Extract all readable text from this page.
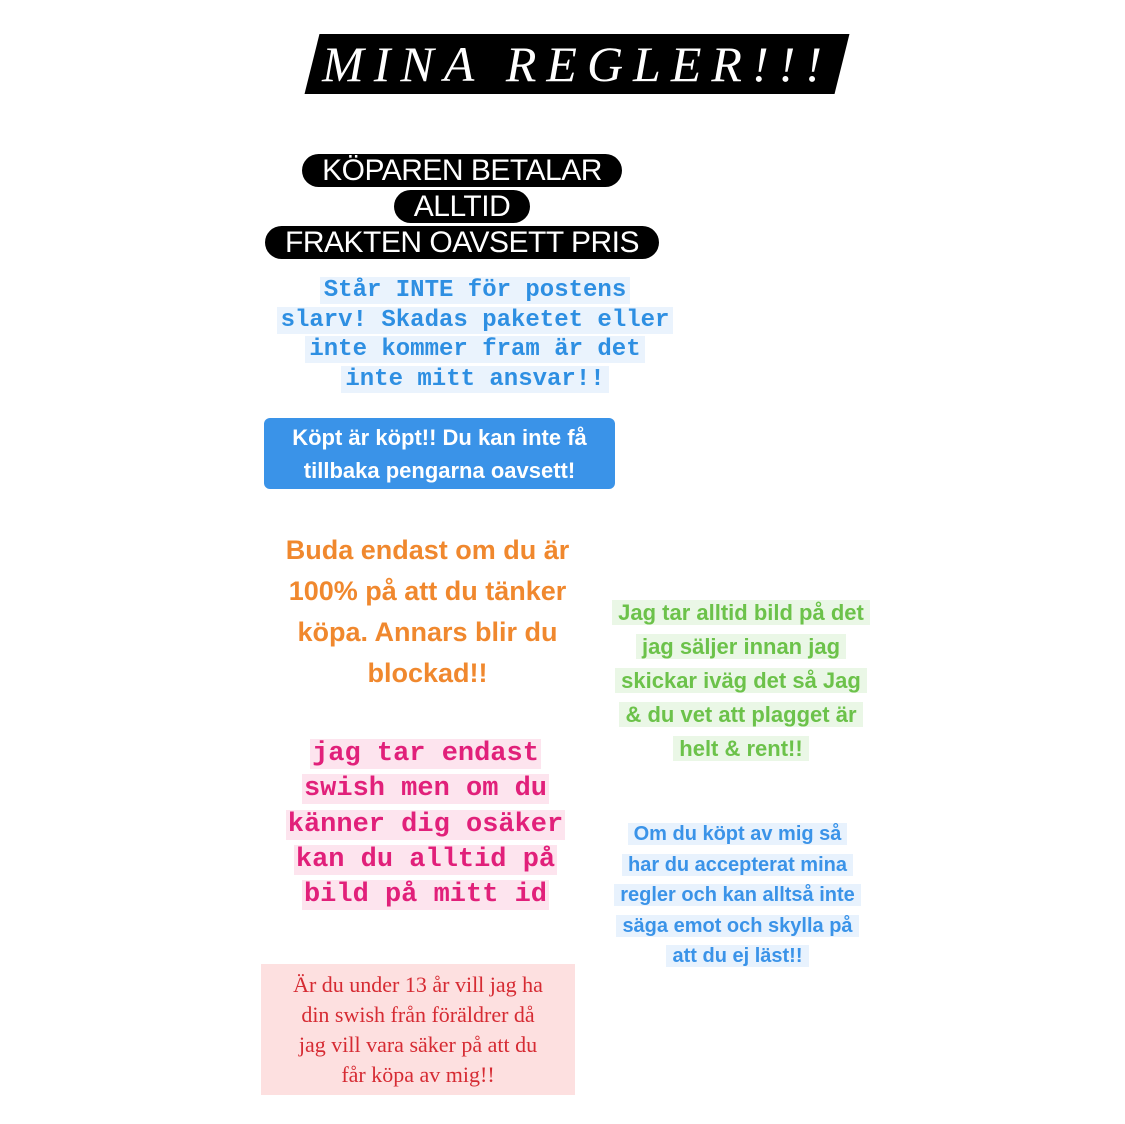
MINA REGLER!!!
KÖPAREN BETALAR ALLTID
FRAKTEN OAVSETT PRIS
Står INTE för postens
slarv! Skadas paketet eller
inte kommer fram är det
inte mitt ansvar!!
Köpt är köpt!! Du kan inte få
tillbaka pengarna oavsett!
Buda endast om du är
100% på att du tänker
köpa. Annars blir du
blockad!!
Jag tar alltid bild på det
jag säljer innan jag
skickar iväg det så Jag
& du vet att plagget är
helt & rent!!
jag tar endast
swish men om du
känner dig osäker
kan du alltid på
bild på mitt id
Om du köpt av mig så
har du accepterat mina
regler och kan alltså inte
säga emot och skylla på
att du ej läst!!
Är du under 13 år vill jag ha
din swish från föräldrer då
jag vill vara säker på att du
får köpa av mig!!
